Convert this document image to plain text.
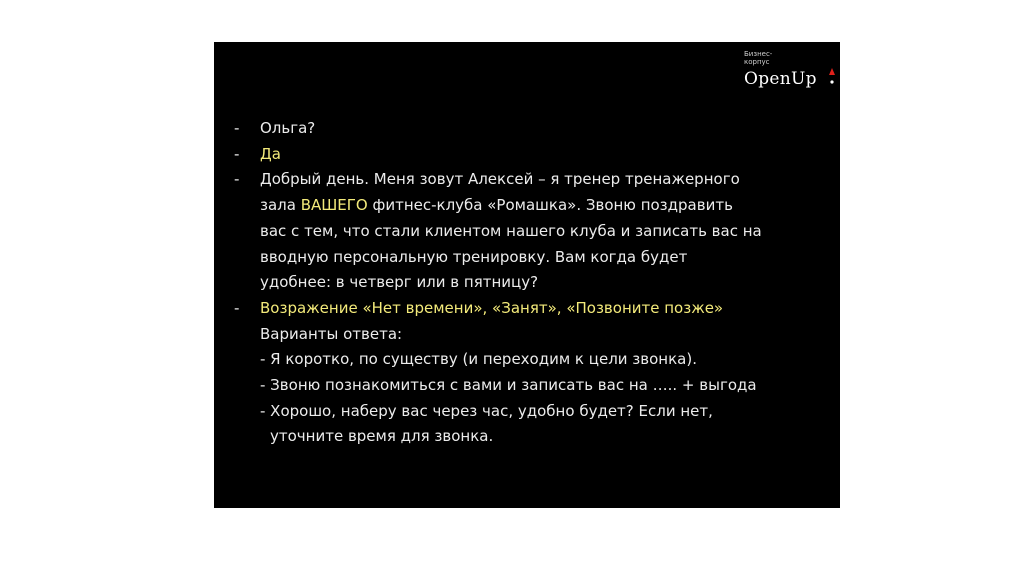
Бизнес-
корпус
OpenUp
-	Ольга?
-	Да
-	Добрый день. Меня зовут Алексей – я тренер тренажерного
зала ВАШЕГО фитнес-клуба «Ромашка». Звоню поздравить
вас с тем, что стали клиентом нашего клуба и записать вас на
вводную персональную тренировку. Вам когда будет
удобнее: в четверг или в пятницу?
-	Возражение «Нет времени», «Занят», «Позвоните позже»
Варианты ответа:
- Я коротко, по существу (и переходим к цели звонка).
- Звоню познакомиться с вами и записать вас на ….. + выгода
- Хорошо, наберу вас через час, удобно будет? Если нет,
уточните время для звонка.
